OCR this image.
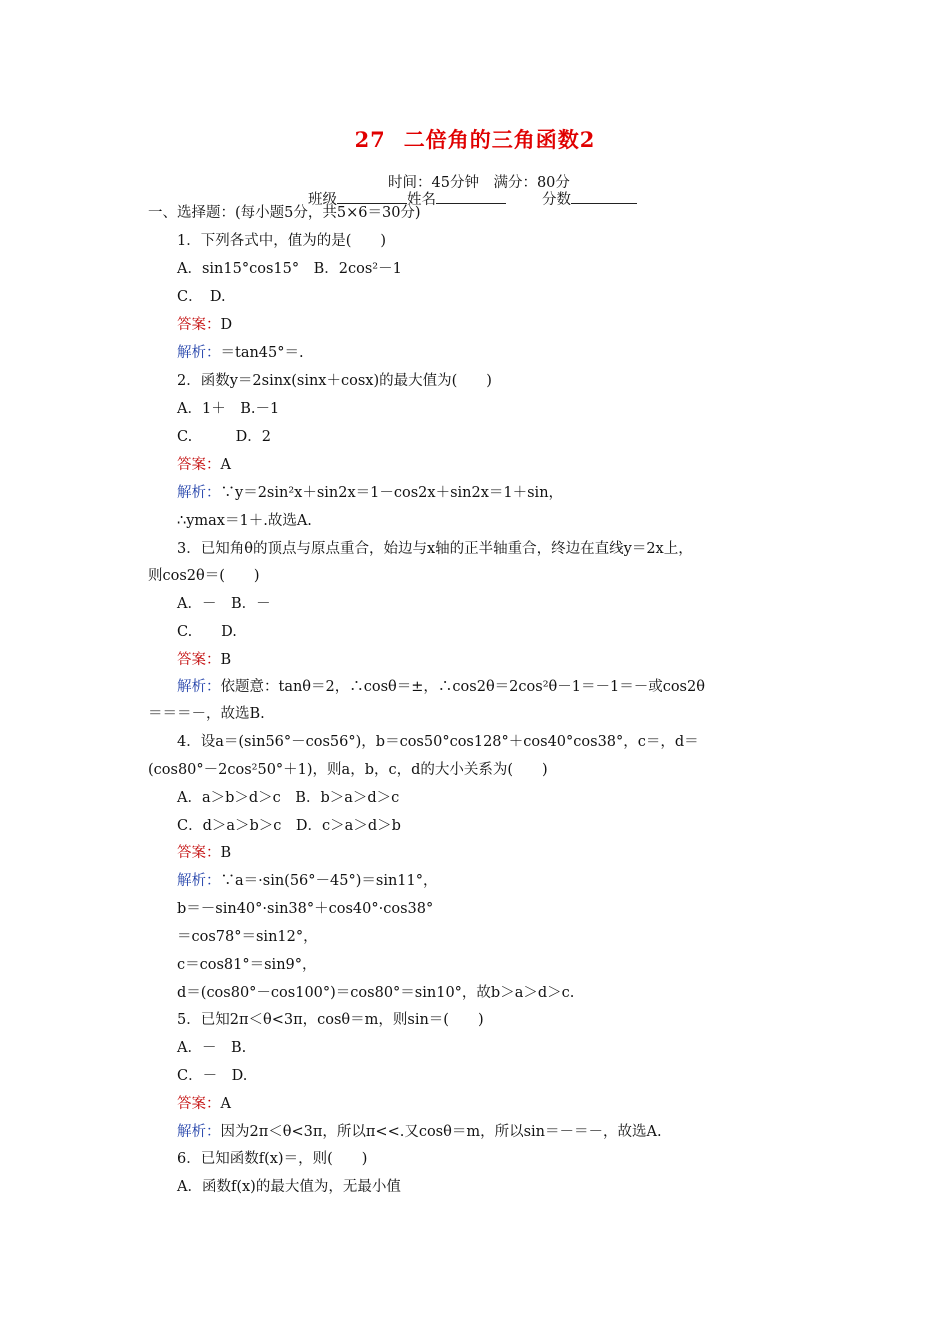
27 二倍角的三角函数2
时间：45分钟　满分：80分
班级	姓名	分数
一、选择题：(每小题5分，共5×6＝30分)
1．下列各式中，值为的是(　　)
A．sin15°cos15°　B．2cos²－1
C．　D.
答案：D
解析：＝tan45°＝.
2．函数y＝2sinx(sinx＋cosx)的最大值为(　　)
A．1＋　B.－1
C.　　　D．2
答案：A
解析：∵y＝2sin²x＋sin2x＝1－cos2x＋sin2x＝1＋sin，
∴ymax＝1＋.故选A.
3．已知角θ的顶点与原点重合，始边与x轴的正半轴重合，终边在直线y＝2x上，
则cos2θ＝(　　)
A．－　B．－
C.　　D.
答案：B
解析：依题意：tanθ＝2，∴cosθ＝±，∴cos2θ＝2cos²θ－1＝－1＝－或cos2θ
＝＝＝－，故选B.
4．设a＝(sin56°－cos56°)，b＝cos50°cos128°＋cos40°cos38°，c＝，d＝
(cos80°－2cos²50°＋1)，则a，b，c，d的大小关系为(　　)
A．a＞b＞d＞c　B．b＞a＞d＞c
C．d＞a＞b＞c　D．c＞a＞d＞b
答案：B
解析：∵a＝·sin(56°－45°)＝sin11°，
b＝－sin40°·sin38°＋cos40°·cos38°
＝cos78°＝sin12°，
c＝cos81°＝sin9°，
d＝(cos80°－cos100°)＝cos80°＝sin10°，故b＞a＞d＞c.
5．已知2π＜θ<3π，cosθ＝m，则sin＝(　　)
A．－　B.
C．－　D.
答案：A
解析：因为2π＜θ<3π，所以π<<.又cosθ＝m，所以sin＝－＝－，故选A.
6．已知函数f(x)＝，则(　　)
A．函数f(x)的最大值为，无最小值
